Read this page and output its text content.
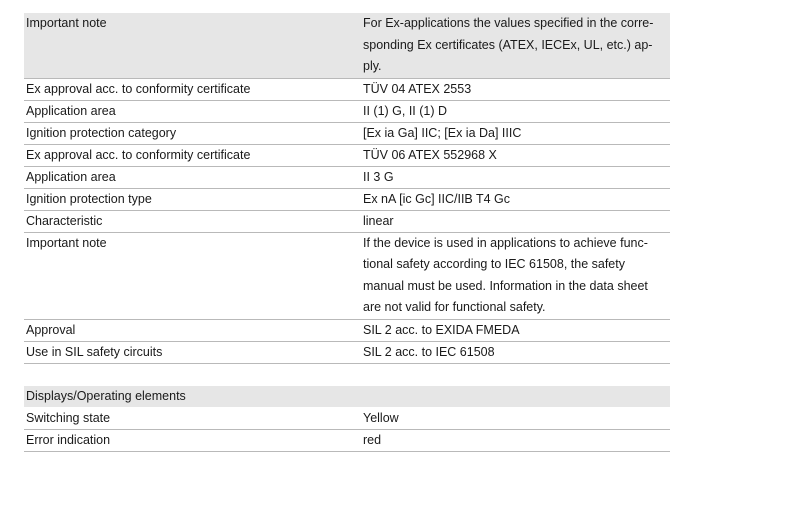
Important note	For Ex-applications the values specified in the corre-
sponding Ex certificates (ATEX, IECEx, UL, etc.) ap-
ply.
Ex approval acc. to conformity certificate	TÜV 04 ATEX 2553
Application area	II (1) G, II (1) D
Ignition protection category	[Ex ia Ga] IIC; [Ex ia Da] IIIC
Ex approval acc. to conformity certificate	TÜV 06 ATEX 552968 X
Application area	II 3 G
Ignition protection type	Ex nA [ic Gc] IIC/IIB T4 Gc
Characteristic	linear
Important note	If the device is used in applications to achieve func-
tional safety according to IEC 61508, the safety
manual must be used. Information in the data sheet
are not valid for functional safety.
Approval	SIL 2 acc. to EXIDA FMEDA
Use in SIL safety circuits	SIL 2 acc. to IEC 61508
Displays/Operating elements
Switching state	Yellow
Error indication	red
